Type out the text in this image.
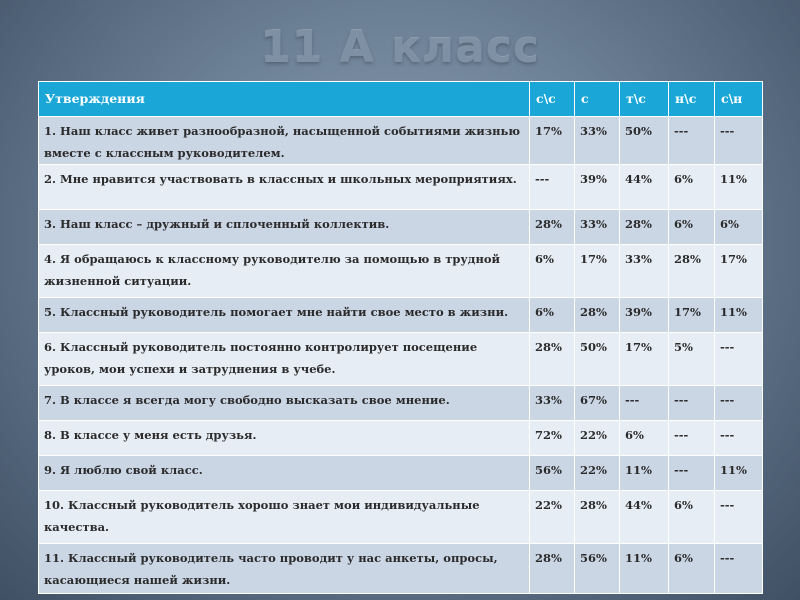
11 А класс
Утверждения	с\с	с	т\с	н\с	с\н
1. Наш класс живет разнообразной, насыщенной событиями жизнью вместе с классным руководителем.	17%	33%	50%	---	---
2. Мне нравится участвовать в классных и школьных мероприятиях.	---	39%	44%	6%	11%
3. Наш класс – дружный и сплоченный коллектив.	28%	33%	28%	6%	6%
4. Я обращаюсь к классному руководителю за помощью в трудной жизненной ситуации.	6%	17%	33%	28%	17%
5. Классный руководитель помогает мне найти свое место в жизни.	6%	28%	39%	17%	11%
6. Классный руководитель постоянно контролирует посещение уроков, мои успехи и затруднения в учебе.	28%	50%	17%	5%	---
7. В классе я всегда могу свободно высказать свое мнение.	33%	67%	---	---	---
8. В классе у меня есть друзья.	72%	22%	6%	---	---
9. Я люблю свой класс.	56%	22%	11%	---	11%
10. Классный руководитель хорошо знает мои индивидуальные качества.	22%	28%	44%	6%	---
11. Классный руководитель часто проводит у нас анкеты, опросы, касающиеся нашей жизни.	28%	56%	11%	6%	---
